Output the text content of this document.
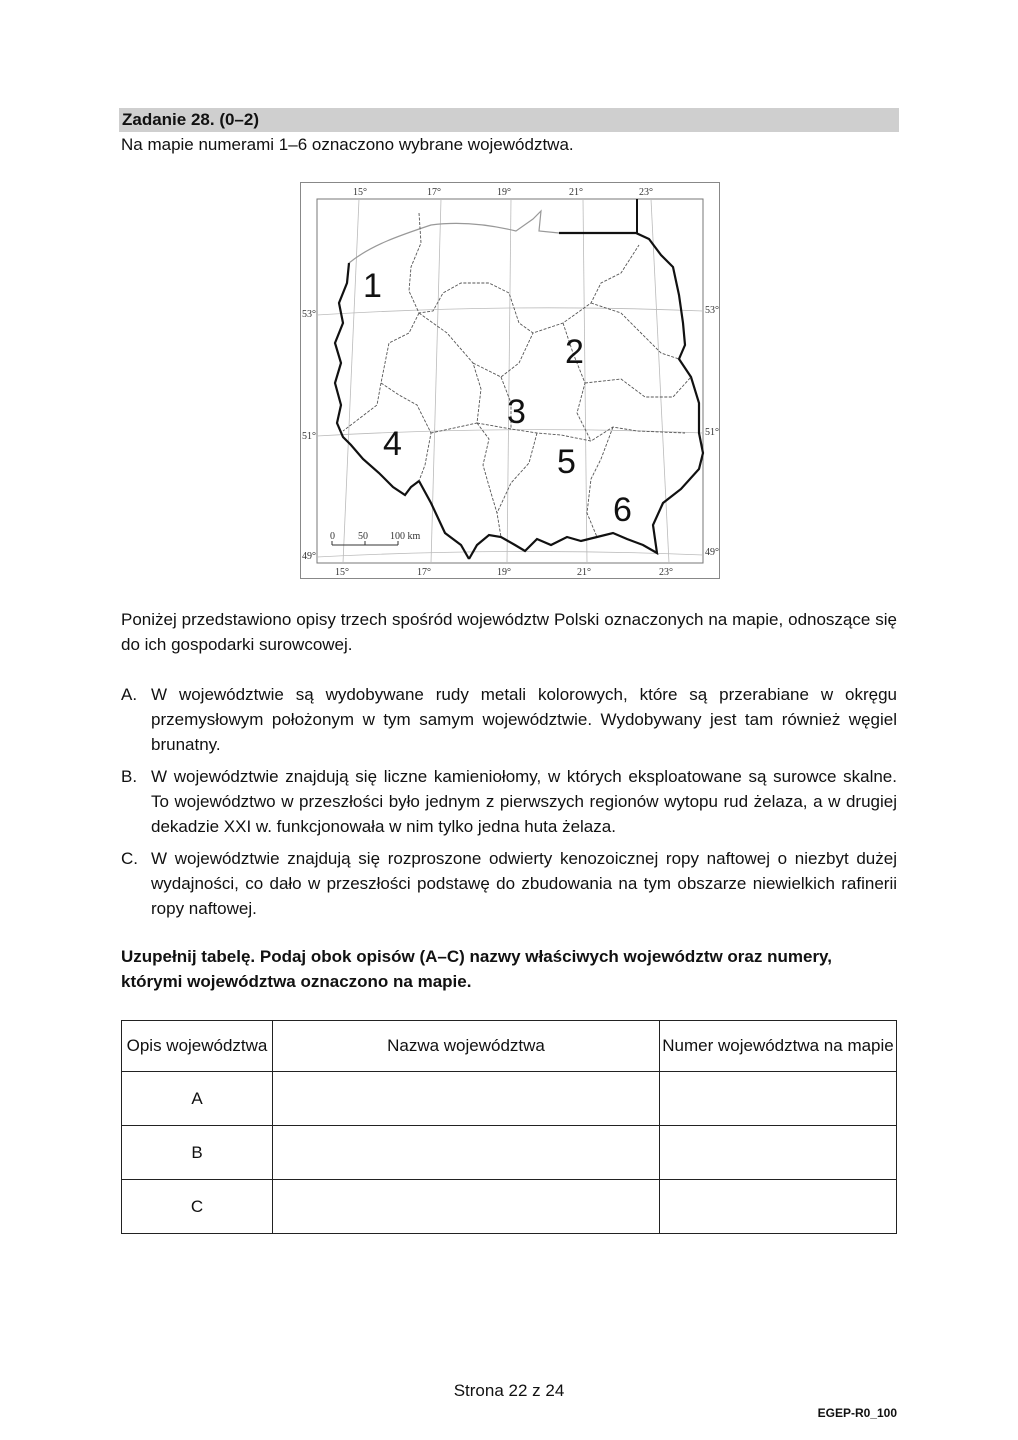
Zadanie 28. (0–2)
Na mapie numerami 1–6 oznaczono wybrane województwa.
15°	17°	19°	21°	23°
15°	17°	19°	21°	23°
53°
51°
49°
53°
51°
49°
1
2
3
4	5
6
0 50 100 km
Poniżej przedstawiono opisy trzech spośród województw Polski oznaczonych na mapie, odnoszące się do ich gospodarki surowcowej.
A. W województwie są wydobywane rudy metali kolorowych, które są przerabiane w okręgu przemysłowym położonym w tym samym województwie. Wydobywany jest tam również węgiel brunatny.
B. W województwie znajdują się liczne kamieniołomy, w których eksploatowane są surowce skalne. To województwo w przeszłości było jednym z pierwszych regionów wytopu rud żelaza, a w drugiej dekadzie XXI w. funkcjonowała w nim tylko jedna huta żelaza.
C. W województwie znajdują się rozproszone odwierty kenozoicznej ropy naftowej o niezbyt dużej wydajności, co dało w przeszłości podstawę do zbudowania na tym obszarze niewielkich rafinerii ropy naftowej.
Uzupełnij tabelę. Podaj obok opisów (A–C) nazwy właściwych województw oraz numery, którymi województwa oznaczono na mapie.
Opis województwa	Nazwa województwa	Numer województwa na mapie
A		
B		
C		
Strona 22 z 24
EGEP-R0_100
